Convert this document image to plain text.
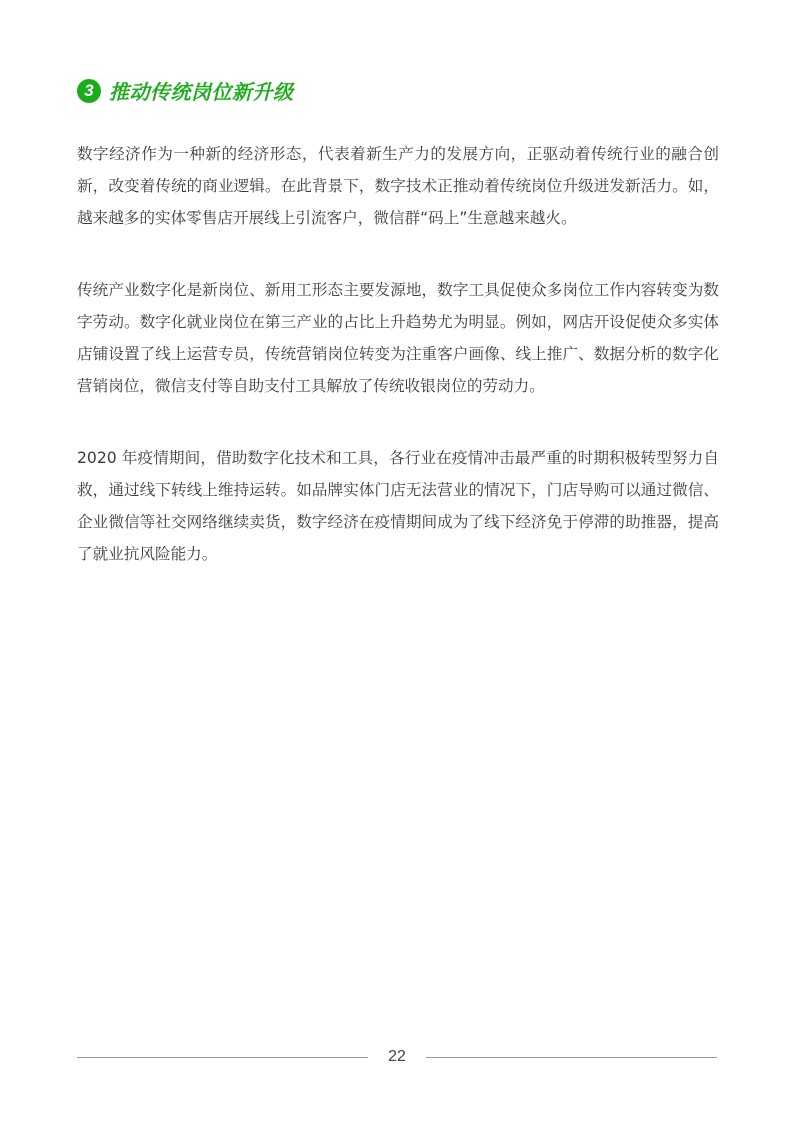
3 推动传统岗位新升级

数字经济作为一种新的经济形态，代表着新生产力的发展方向，正驱动着传统行业的融合创新，改变着传统的商业逻辑。在此背景下，数字技术正推动着传统岗位升级迸发新活力。如，越来越多的实体零售店开展线上引流客户，微信群“码上”生意越来越火。

传统产业数字化是新岗位、新用工形态主要发源地，数字工具促使众多岗位工作内容转变为数字劳动。数字化就业岗位在第三产业的占比上升趋势尤为明显。例如，网店开设促使众多实体店铺设置了线上运营专员，传统营销岗位转变为注重客户画像、线上推广、数据分析的数字化营销岗位，微信支付等自助支付工具解放了传统收银岗位的劳动力。

2020 年疫情期间，借助数字化技术和工具，各行业在疫情冲击最严重的时期积极转型努力自救，通过线下转线上维持运转。如品牌实体门店无法营业的情况下，门店导购可以通过微信、企业微信等社交网络继续卖货，数字经济在疫情期间成为了线下经济免于停滞的助推器，提高了就业抗风险能力。

22
